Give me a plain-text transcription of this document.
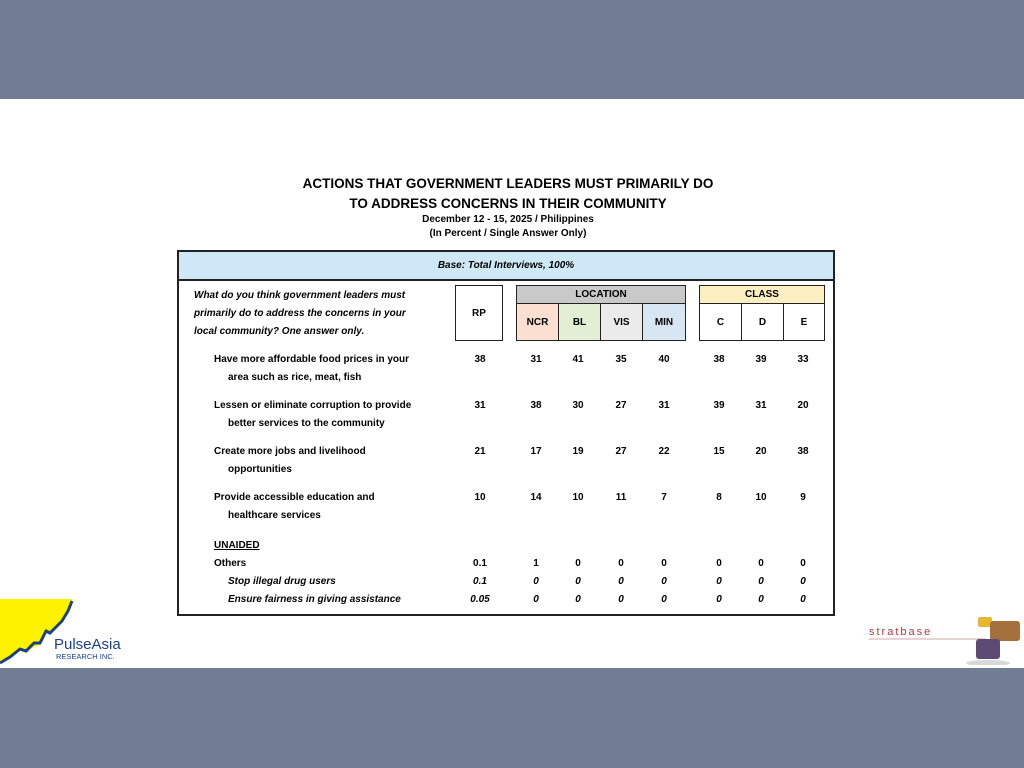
ACTIONS THAT GOVERNMENT LEADERS MUST PRIMARILY DO
TO ADDRESS CONCERNS IN THEIR COMMUNITY
December 12 - 15, 2025 / Philippines
(In Percent / Single Answer Only)
Base: Total Interviews, 100%
What do you think government leaders must
primarily do to address the concerns in your
local community? One answer only.
RP
LOCATION
NCR	BL	VIS	MIN
CLASS
C	D	E
Have more affordable food prices in your
area such as rice, meat, fish
38	31	41	35	40	38	39	33
Lessen or eliminate corruption to provide
better services to the community
31	38	30	27	31	39	31	20
Create more jobs and livelihood
opportunities
21	17	19	27	22	15	20	38
Provide accessible education and
healthcare services
10	14	10	11	7	8	10	9
UNAIDED
Others	0.1	1	0	0	0	0	0	0
Stop illegal drug users	0.1	0	0	0	0	0	0	0
Ensure fairness in giving assistance	0.05	0	0	0	0	0	0	0
PulseAsia
RESEARCH INC.
stratbase
